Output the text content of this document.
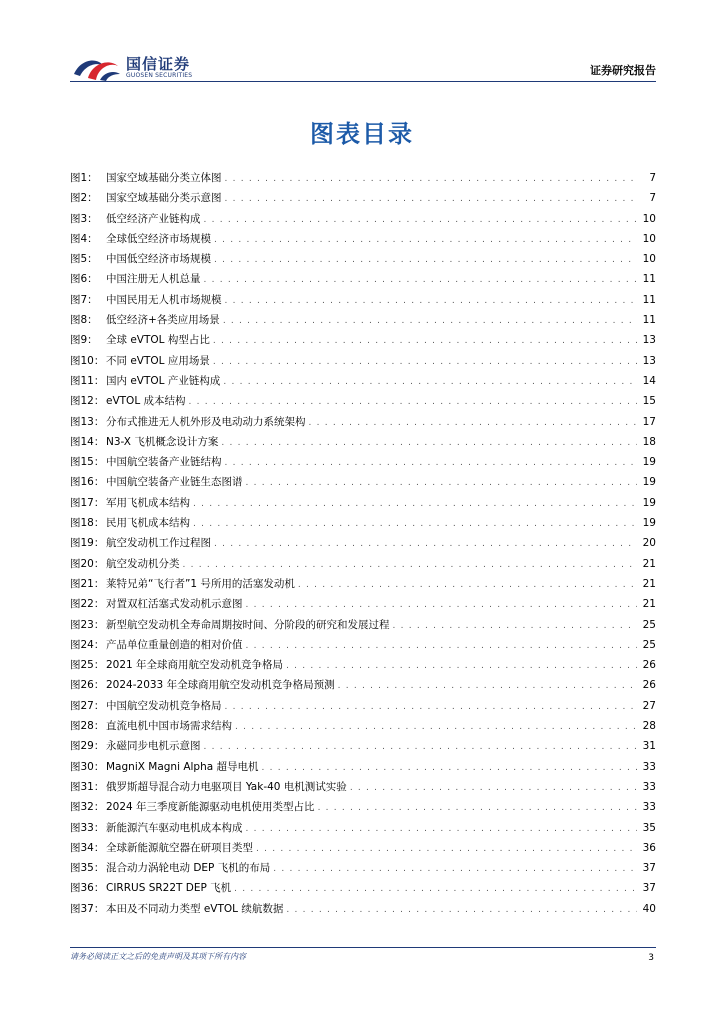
国信证券
GUOSEN SECURITIES	证券研究报告
图表目录
图1： 国家空域基础分类立体图 . . .	7
图2： 国家空域基础分类示意图 . . .	7
图3： 低空经济产业链构成 . . .	10
图4： 全球低空经济市场规模 . . .	10
图5： 中国低空经济市场规模 . . .	10
图6： 中国注册无人机总量 . . .	11
图7： 中国民用无人机市场规模 . . .	11
图8： 低空经济+各类应用场景 . . .	11
图9： 全球 eVTOL 构型占比 . . .	13
图10： 不同 eVTOL 应用场景 . . .	13
图11： 国内 eVTOL 产业链构成 . . .	14
图12： eVTOL 成本结构 . . .	15
图13： 分布式推进无人机外形及电动动力系统架构 . . .	17
图14： N3-X 飞机概念设计方案 . . .	18
图15： 中国航空装备产业链结构 . . .	19
图16： 中国航空装备产业链生态图谱 . . .	19
图17： 军用飞机成本结构 . . .	19
图18： 民用飞机成本结构 . . .	19
图19： 航空发动机工作过程图 . . .	20
图20： 航空发动机分类 . . .	21
图21： 莱特兄弟“飞行者”1 号所用的活塞发动机 . . .	21
图22： 对置双杠活塞式发动机示意图 . . .	21
图23： 新型航空发动机全寿命周期按时间、分阶段的研究和发展过程 . . .	25
图24： 产品单位重量创造的相对价值 . . .	25
图25： 2021 年全球商用航空发动机竞争格局 . . .	26
图26： 2024-2033 年全球商用航空发动机竞争格局预测 . . .	26
图27： 中国航空发动机竞争格局 . . .	27
图28： 直流电机中国市场需求结构 . . .	28
图29： 永磁同步电机示意图 . . .	31
图30： MagniX Magni Alpha 超导电机 . . .	33
图31： 俄罗斯超导混合动力电驱项目 Yak-40 电机测试实验 . . .	33
图32： 2024 年三季度新能源驱动电机使用类型占比 . . .	33
图33： 新能源汽车驱动电机成本构成 . . .	35
图34： 全球新能源航空器在研项目类型 . . .	36
图35： 混合动力涡轮电动 DEP 飞机的布局 . . .	37
图36： CIRRUS SR22T DEP 飞机 . . .	37
图37： 本田及不同动力类型 eVTOL 续航数据 . . .	40
请务必阅读正文之后的免责声明及其项下所有内容	3
